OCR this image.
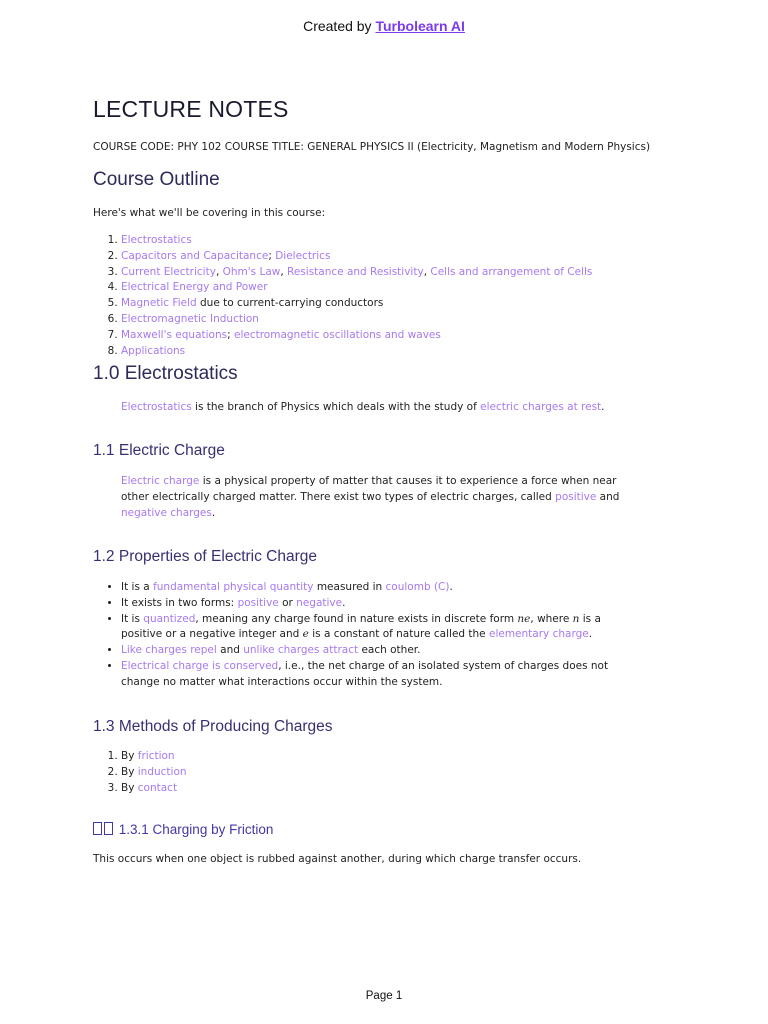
Created by Turbolearn AI
LECTURE NOTES
COURSE CODE: PHY 102 COURSE TITLE: GENERAL PHYSICS II (Electricity, Magnetism and Modern Physics)
Course Outline
Here's what we'll be covering in this course:
1. Electrostatics
2. Capacitors and Capacitance; Dielectrics
3. Current Electricity, Ohm's Law, Resistance and Resistivity, Cells and arrangement of Cells
4. Electrical Energy and Power
5. Magnetic Field due to current-carrying conductors
6. Electromagnetic Induction
7. Maxwell's equations; electromagnetic oscillations and waves
8. Applications
1.0 Electrostatics
Electrostatics is the branch of Physics which deals with the study of electric charges at rest.
1.1 Electric Charge
Electric charge is a physical property of matter that causes it to experience a force when near other electrically charged matter. There exist two types of electric charges, called positive and negative charges.
1.2 Properties of Electric Charge
• It is a fundamental physical quantity measured in coulomb (C).
• It exists in two forms: positive or negative.
• It is quantized, meaning any charge found in nature exists in discrete form ne, where n is a positive or a negative integer and e is a constant of nature called the elementary charge.
• Like charges repel and unlike charges attract each other.
• Electrical charge is conserved, i.e., the net charge of an isolated system of charges does not change no matter what interactions occur within the system.
1.3 Methods of Producing Charges
1. By friction
2. By induction
3. By contact
1.3.1 Charging by Friction
This occurs when one object is rubbed against another, during which charge transfer occurs.
Page 1
